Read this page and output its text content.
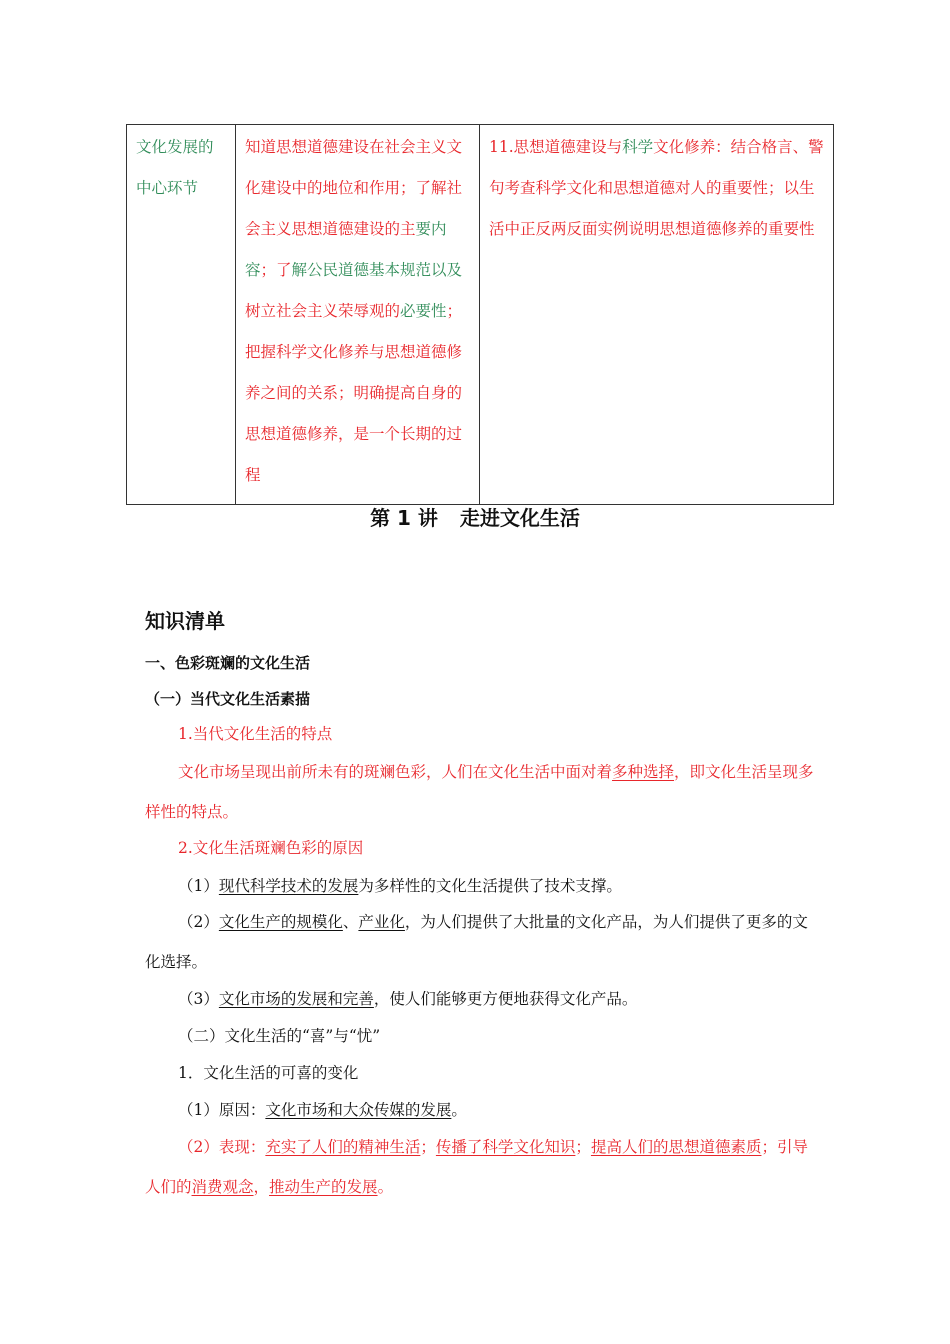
文化发展的中心环节	知道思想道德建设在社会主义文化建设中的地位和作用；了解社会主义思想道德建设的主要内容；了解公民道德基本规范以及树立社会主义荣辱观的必要性；把握科学文化修养与思想道德修养之间的关系；明确提高自身的思想道德修养，是一个长期的过程	11.思想道德建设与科学文化修养：结合格言、警句考查科学文化和思想道德对人的重要性；以生活中正反两反面实例说明思想道德修养的重要性
第 1 讲 走进文化生活
知识清单
一、色彩斑斓的文化生活
（一）当代文化生活素描
1.当代文化生活的特点
文化市场呈现出前所未有的斑斓色彩，人们在文化生活中面对着多种选择，即文化生活呈现多样性的特点。
2.文化生活斑斓色彩的原因
（1）现代科学技术的发展为多样性的文化生活提供了技术支撑。
（2）文化生产的规模化、产业化，为人们提供了大批量的文化产品，为人们提供了更多的文化选择。
（3）文化市场的发展和完善，使人们能够更方便地获得文化产品。
（二）文化生活的“喜”与“忧”
1．文化生活的可喜的变化
（1）原因：文化市场和大众传媒的发展。
（2）表现：充实了人们的精神生活；传播了科学文化知识；提高人们的思想道德素质；引导人们的消费观念，推动生产的发展。
